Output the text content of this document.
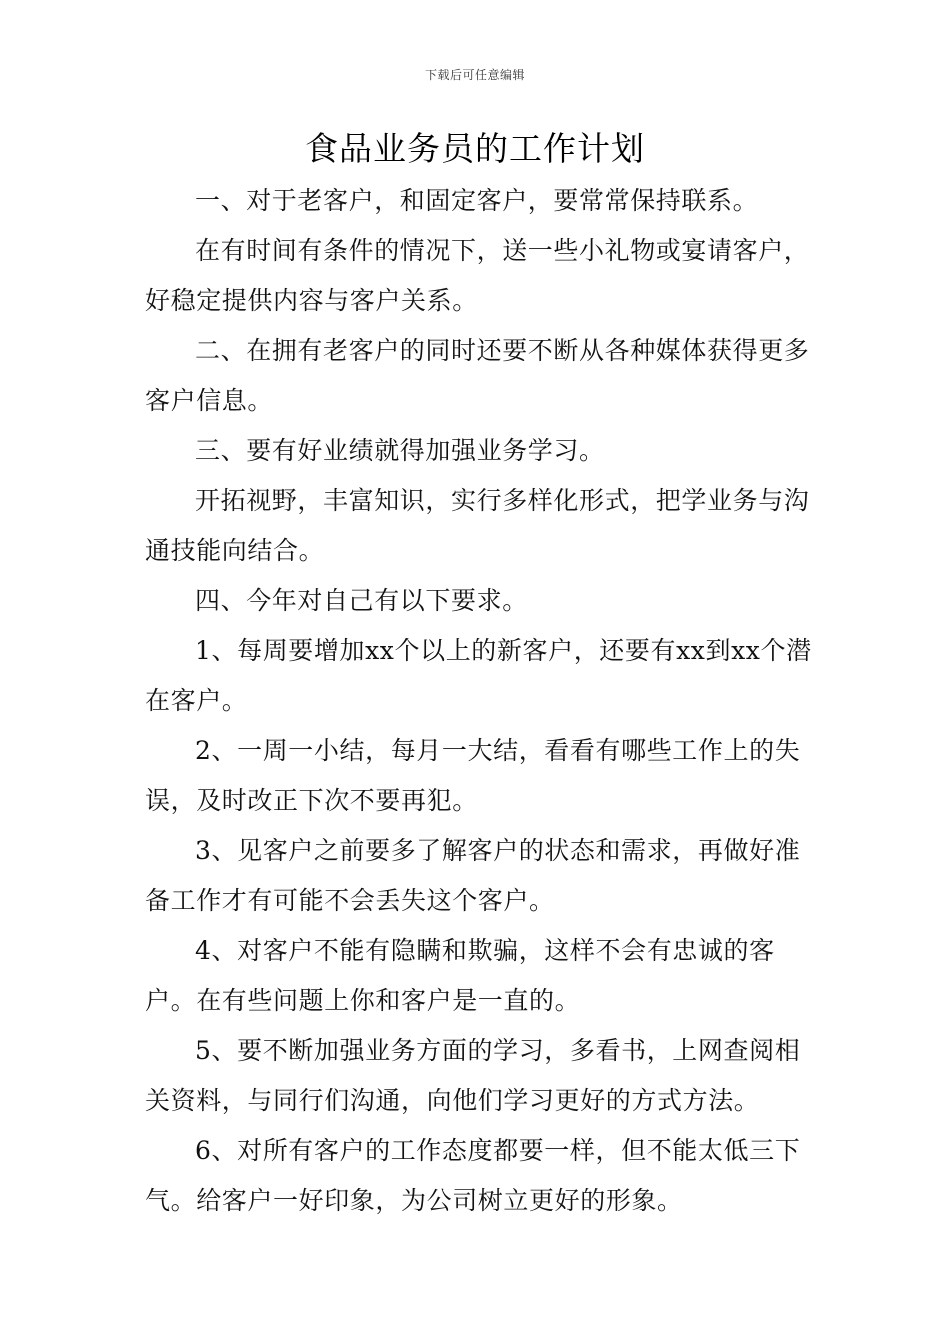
下载后可任意编辑
食品业务员的工作计划

一、对于老客户，和固定客户，要常常保持联系。

在有时间有条件的情况下，送一些小礼物或宴请客户，好稳定提供内容与客户关系。

二、在拥有老客户的同时还要不断从各种媒体获得更多客户信息。

三、要有好业绩就得加强业务学习。

开拓视野，丰富知识，实行多样化形式，把学业务与沟通技能向结合。

四、今年对自己有以下要求。

1、每周要增加xx个以上的新客户，还要有xx到xx个潜在客户。

2、一周一小结，每月一大结，看看有哪些工作上的失误，及时改正下次不要再犯。

3、见客户之前要多了解客户的状态和需求，再做好准备工作才有可能不会丢失这个客户。

4、对客户不能有隐瞒和欺骗，这样不会有忠诚的客户。在有些问题上你和客户是一直的。

5、要不断加强业务方面的学习，多看书，上网查阅相关资料，与同行们沟通，向他们学习更好的方式方法。

6、对所有客户的工作态度都要一样，但不能太低三下气。给客户一好印象，为公司树立更好的形象。
